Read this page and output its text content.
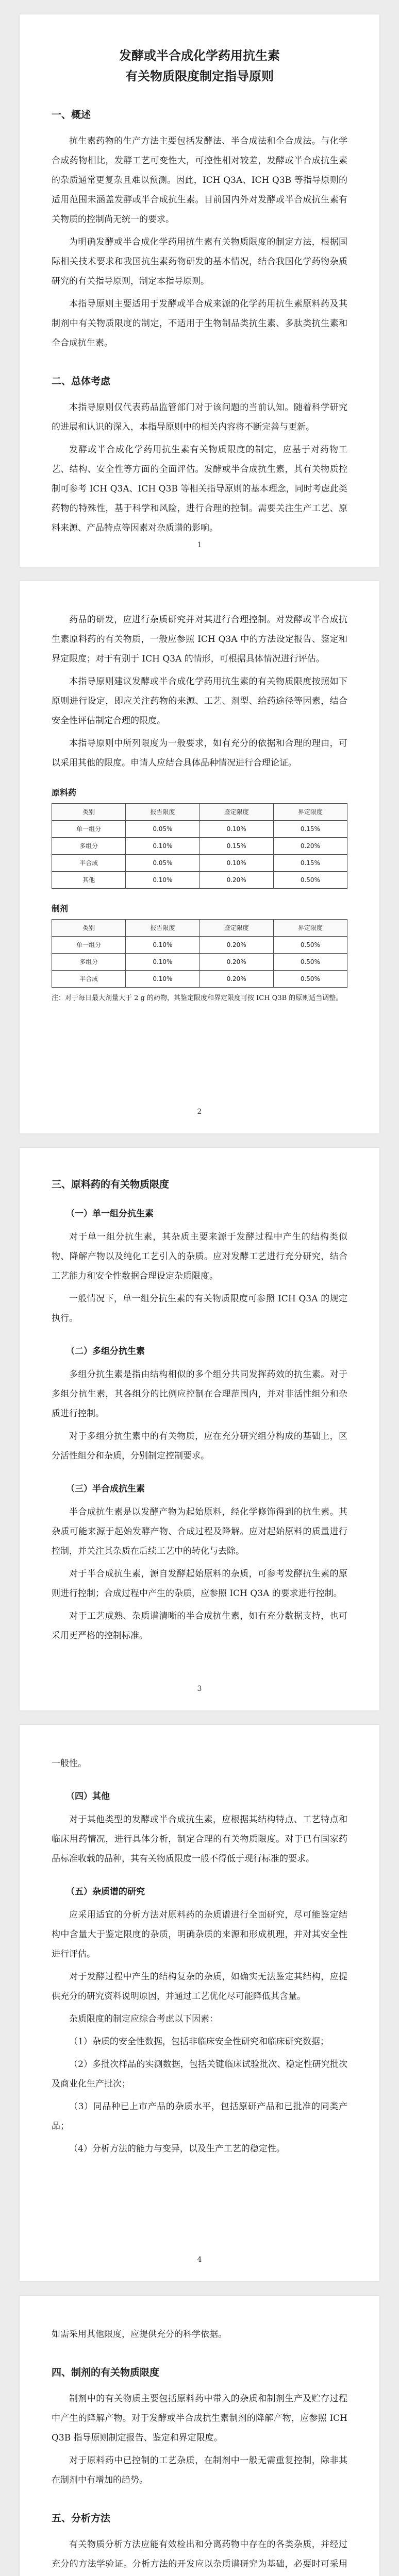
发酵或半合成化学药用抗生素
有关物质限度制定指导原则
一、概述

抗生素药物的生产方法主要包括发酵法、半合成法和全合成法。与化学合成药物相比，发酵工艺可变性大，可控性相对较差，发酵或半合成抗生素的杂质通常更复杂且难以预测。因此，ICH Q3A、ICH Q3B 等指导原则的适用范围未涵盖发酵或半合成抗生素。目前国内外对发酵或半合成抗生素有关物质的控制尚无统一的要求。

为明确发酵或半合成化学药用抗生素有关物质限度的制定方法，根据国际相关技术要求和我国抗生素药物研发的基本情况，结合我国化学药物杂质研究的有关指导原则，制定本指导原则。

本指导原则主要适用于发酵或半合成来源的化学药用抗生素原料药及其制剂中有关物质限度的制定，不适用于生物制品类抗生素、多肽类抗生素和全合成抗生素。

二、总体考虑

本指导原则仅代表药品监管部门对于该问题的当前认知。随着科学研究的进展和认识的深入，本指导原则中的相关内容将不断完善与更新。

发酵或半合成化学药用抗生素有关物质限度的制定，应基于对药物工艺、结构、安全性等方面的全面评估。发酵或半合成抗生素，其有关物质控制可参考 ICH Q3A、ICH Q3B 等相关指导原则的基本理念，同时考虑此类药物的特殊性，基于科学和风险，进行合理的控制。需要关注生产工艺、原料来源、产品特点等因素对杂质谱的影响。

1

药品的研发，应进行杂质研究并对其进行合理控制。对发酵或半合成抗生素原料药的有关物质，一般应参照 ICH Q3A 中的方法设定报告、鉴定和界定限度；对于有别于 ICH Q3A 的情形，可根据具体情况进行评估。

本指导原则建议发酵或半合成化学药用抗生素的有关物质限度按照如下原则进行设定，即应关注药物的来源、工艺、剂型、给药途径等因素，结合安全性评估制定合理的限度。

本指导原则中所列限度为一般要求，如有充分的依据和合理的理由，可以采用其他的限度。申请人应结合具体品种情况进行合理论证。

原料药
类别	报告限度	鉴定限度	界定限度
单一组分	0.05%	0.10%	0.15%
多组分	0.10%	0.15%	0.20%
半合成	0.05%	0.10%	0.15%
其他	0.10%	0.20%	0.50%
制剂
类别	报告限度	鉴定限度	界定限度
单一组分	0.10%	0.20%	0.50%
多组分	0.10%	0.20%	0.50%
半合成	0.10%	0.20%	0.50%

注：对于每日最大剂量大于 2 g 的药物，其鉴定限度和界定限度可按 ICH Q3B 的原则适当调整。

2
三、原料药的有关物质限度
（一）单一组分抗生素

对于单一组分抗生素，其杂质主要来源于发酵过程中产生的结构类似物、降解产物以及纯化工艺引入的杂质。应对发酵工艺进行充分研究，结合工艺能力和安全性数据合理设定杂质限度。

一般情况下，单一组分抗生素的有关物质限度可参照 ICH Q3A 的规定执行。

（二）多组分抗生素

多组分抗生素是指由结构相似的多个组分共同发挥药效的抗生素。对于多组分抗生素，其各组分的比例应控制在合理范围内，并对非活性组分和杂质进行控制。

对于多组分抗生素中的有关物质，应在充分研究组分构成的基础上，区分活性组分和杂质，分别制定控制要求。

（三）半合成抗生素

半合成抗生素是以发酵产物为起始原料，经化学修饰得到的抗生素。其杂质可能来源于起始发酵产物、合成过程及降解。应对起始原料的质量进行控制，并关注其杂质在后续工艺中的转化与去除。

对于半合成抗生素，源自发酵起始原料的杂质，可参考发酵抗生素的原则进行控制；合成过程中产生的杂质，应参照 ICH Q3A 的要求进行控制。

对于工艺成熟、杂质谱清晰的半合成抗生素，如有充分数据支持，也可采用更严格的控制标准。

3

一般性。

（四）其他

对于其他类型的发酵或半合成抗生素，应根据其结构特点、工艺特点和临床用药情况，进行具体分析，制定合理的有关物质限度。对于已有国家药品标准收载的品种，其有关物质限度一般不得低于现行标准的要求。

（五）杂质谱的研究

应采用适宜的分析方法对原料药的杂质谱进行全面研究，尽可能鉴定结构中含量大于鉴定限度的杂质，明确杂质的来源和形成机理，并对其安全性进行评估。

对于发酵过程中产生的结构复杂的杂质，如确实无法鉴定其结构，应提供充分的研究资料说明原因，并通过工艺优化尽可能降低其含量。

杂质限度的制定应综合考虑以下因素：

（1）杂质的安全性数据，包括非临床安全性研究和临床研究数据；

（2）多批次样品的实测数据，包括关键临床试验批次、稳定性研究批次及商业化生产批次；

（3）同品种已上市产品的杂质水平，包括原研产品和已批准的同类产品；

（4）分析方法的能力与变异，以及生产工艺的稳定性。

4

如需采用其他限度，应提供充分的科学依据。

四、制剂的有关物质限度

制剂中的有关物质主要包括原料药中带入的杂质和制剂生产及贮存过程中产生的降解产物。对于发酵或半合成抗生素制剂的降解产物，应参照 ICH Q3B 指导原则制定报告、鉴定和界定限度。

对于原料药中已控制的工艺杂质，在制剂中一般无需重复控制，除非其在制剂中有增加的趋势。

五、分析方法

有关物质分析方法应能有效检出和分离药物中存在的各类杂质，并经过充分的方法学验证。分析方法的开发应以杂质谱研究为基础，必要时可采用
